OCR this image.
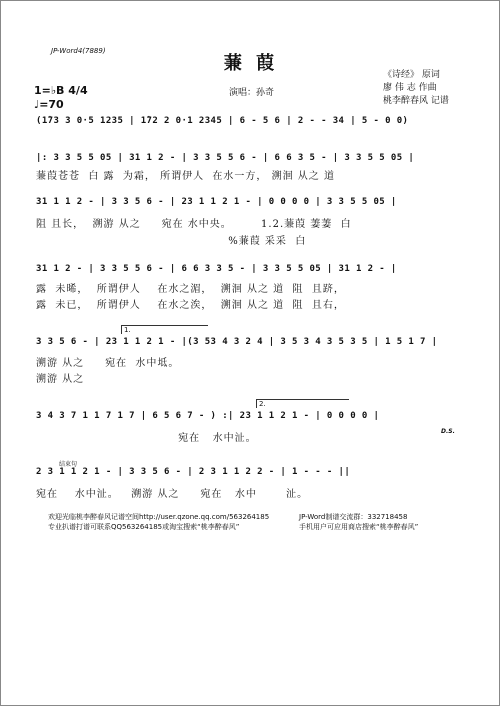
JP-Word4(7889)
蒹 葭
1=♭B 4/4
♩=70
演唱：孙奇
《诗经》 原词
廖 伟 志 作曲
桃李醉春风 记谱
(1̇73 3 0·5 1235 | 1̇72 2 0·1 2345 | 6 - 5 6 | 2 - - 34 | 5 - 0 0)
|: 3 3 5 5 05 | 31 1 2 - | 3 3 5 5 6 - | 6 6 3 5 - | 3 3 5 5 05 |
蒹葭苍苍  白 露  为霜， 所谓伊人  在水一方， 溯洄 从之 道
31 1 1 2 - | 3 3 5 6 - | 23 1 1 2 1 - | 0 0 0 0 | 3 3 5 5 05 |
阻 且长，  溯游 从之     宛在 水中央。       1.2.蒹葭 萋萋  白
%蒹葭 采采  白
31 1 2 - | 3 3 5 5 6 - | 6 6 3 3 5 - | 3 3 5 5 05 | 31 1 2 - |
露  未晞，  所谓伊人    在水之湄，  溯洄 从之 道  阻  且跻，
露  未已，  所谓伊人    在水之涘，  溯洄 从之 道  阻  且右，
1.
3 3 5 6 - | 23 1 1 2 1 - |(3 53 4 3 2 4 | 3 5 3 4 3 5 3 5 | 1 5 1 7 |
溯游 从之     宛在  水中坻。
溯游 从之
2.
3 4 3 7 1 1 7 1 7 | 6 5 6 7 - ) :| 23 1 1 2 1 - | 0 0 0 0 |
宛在   水中沚。
D.S.
结束句
2 3 1 1 2 1 - | 3 3 5 6 - | 2 3 1 1 2 2 - | 1 - - - ||
宛在    水中沚。   溯游 从之     宛在   水中       沚。
欢迎光临桃李醉春风记谱空间http://user.qzone.qq.com/563264185
专业扒谱打谱可联系QQ563264185或淘宝搜索“桃李醉春风”
JP-Word制谱交流群：332718458
手机用户可应用商店搜索“桃李醉春风”
